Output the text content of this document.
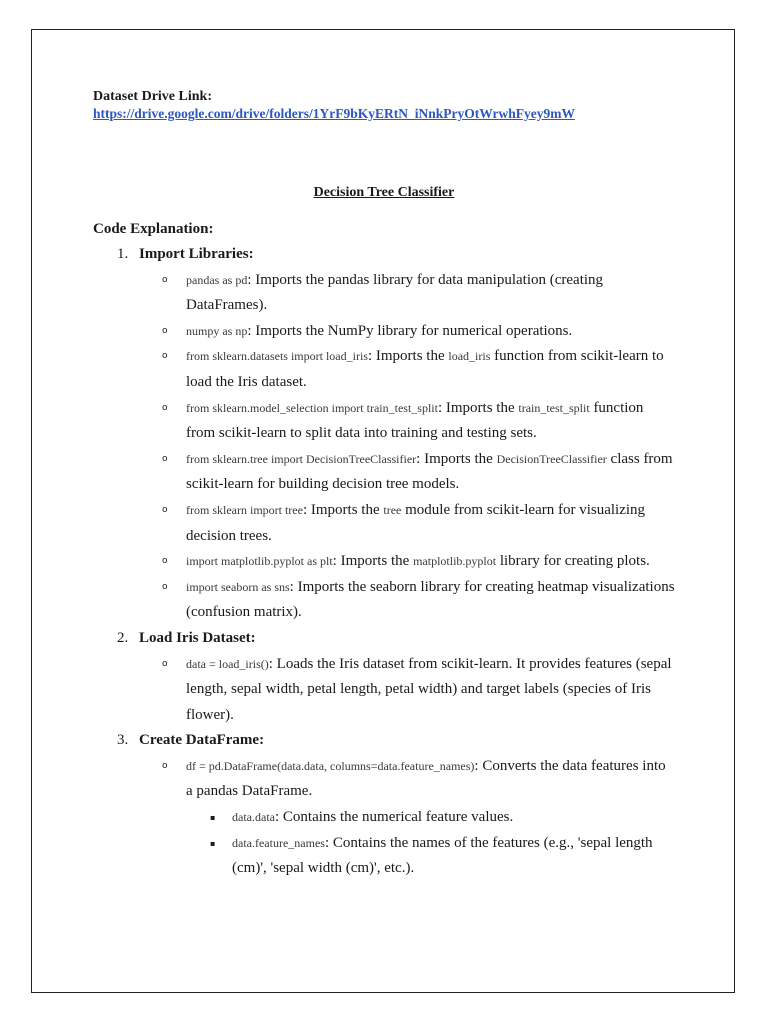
Dataset Drive Link:
https://drive.google.com/drive/folders/1YrF9bKyERtN_iNnkPryOtWrwhFyey9mW
Decision Tree Classifier
Code Explanation:
1. Import Libraries:
o pandas as pd: Imports the pandas library for data manipulation (creating DataFrames).
o numpy as np: Imports the NumPy library for numerical operations.
o from sklearn.datasets import load_iris: Imports the load_iris function from scikit-learn to load the Iris dataset.
o from sklearn.model_selection import train_test_split: Imports the train_test_split function from scikit-learn to split data into training and testing sets.
o from sklearn.tree import DecisionTreeClassifier: Imports the DecisionTreeClassifier class from scikit-learn for building decision tree models.
o from sklearn import tree: Imports the tree module from scikit-learn for visualizing decision trees.
o import matplotlib.pyplot as plt: Imports the matplotlib.pyplot library for creating plots.
o import seaborn as sns: Imports the seaborn library for creating heatmap visualizations (confusion matrix).
2. Load Iris Dataset:
o data = load_iris(): Loads the Iris dataset from scikit-learn. It provides features (sepal length, sepal width, petal length, petal width) and target labels (species of Iris flower).
3. Create DataFrame:
o df = pd.DataFrame(data.data, columns=data.feature_names): Converts the data features into a pandas DataFrame.
▪ data.data: Contains the numerical feature values.
▪ data.feature_names: Contains the names of the features (e.g., 'sepal length (cm)', 'sepal width (cm)', etc.).
